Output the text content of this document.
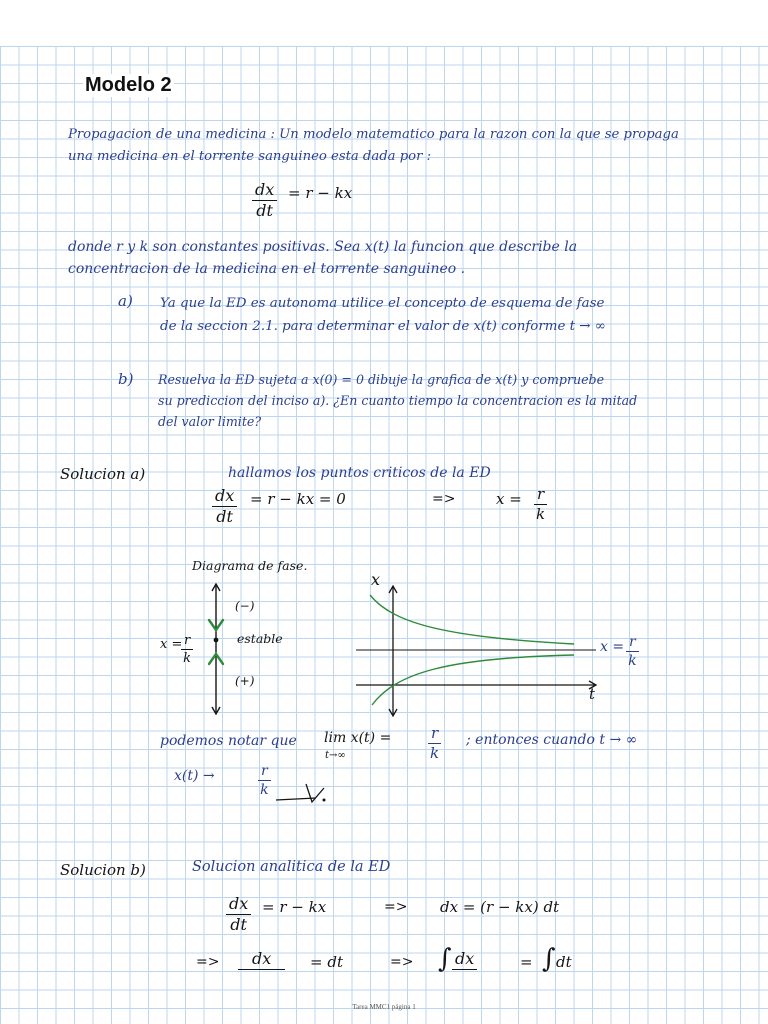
Modelo 2
Propagacion de una medicina : Un modelo matematico para la razon con la que se propaga
una medicina en el torrente sanguineo esta dada por :
$\frac{dx}{dt} = r$ − kx
donde r y k son constantes positivas. Sea x(t) la funcion que describe la
concentracion de la medicina en el torrente sanguineo .
a) Ya que la ED es autonoma utilice el concepto de esquema de fase
de la seccion 2.1. para determinar el valor de x(t) conforme t → ∞
b) Resuelva la ED sujeta a x(0) = 0 dibuje la grafica de x(t) y compruebe
su prediccion del inciso a). ¿En cuanto tiempo la concentracion es la mitad
del valor limite?
Solucion a)	hallamos los puntos criticos de la ED
$\frac{dx}{dt} = r$ − kx = 0	=>	$x = \frac{r}{k}$
Diagrama de fase.
x =
$\frac{r}{k}$
(−)
estable
(+)
x
t
$x = \frac{r}{k}$
podemos notar que lim x(t) =
t→∞	$\frac{r}{k}$ ; entonces cuando t → ∞
x(t) →	$\frac{r}{k}$
Solucion b)	Solucion analitica de la ED
$\frac{dx}{dt} = r$ − kx	=> dx = (r − kx) dt
=>	dx	= dt	=> ∫ dx	= ∫ dt
Tarea MMC1 página 1
